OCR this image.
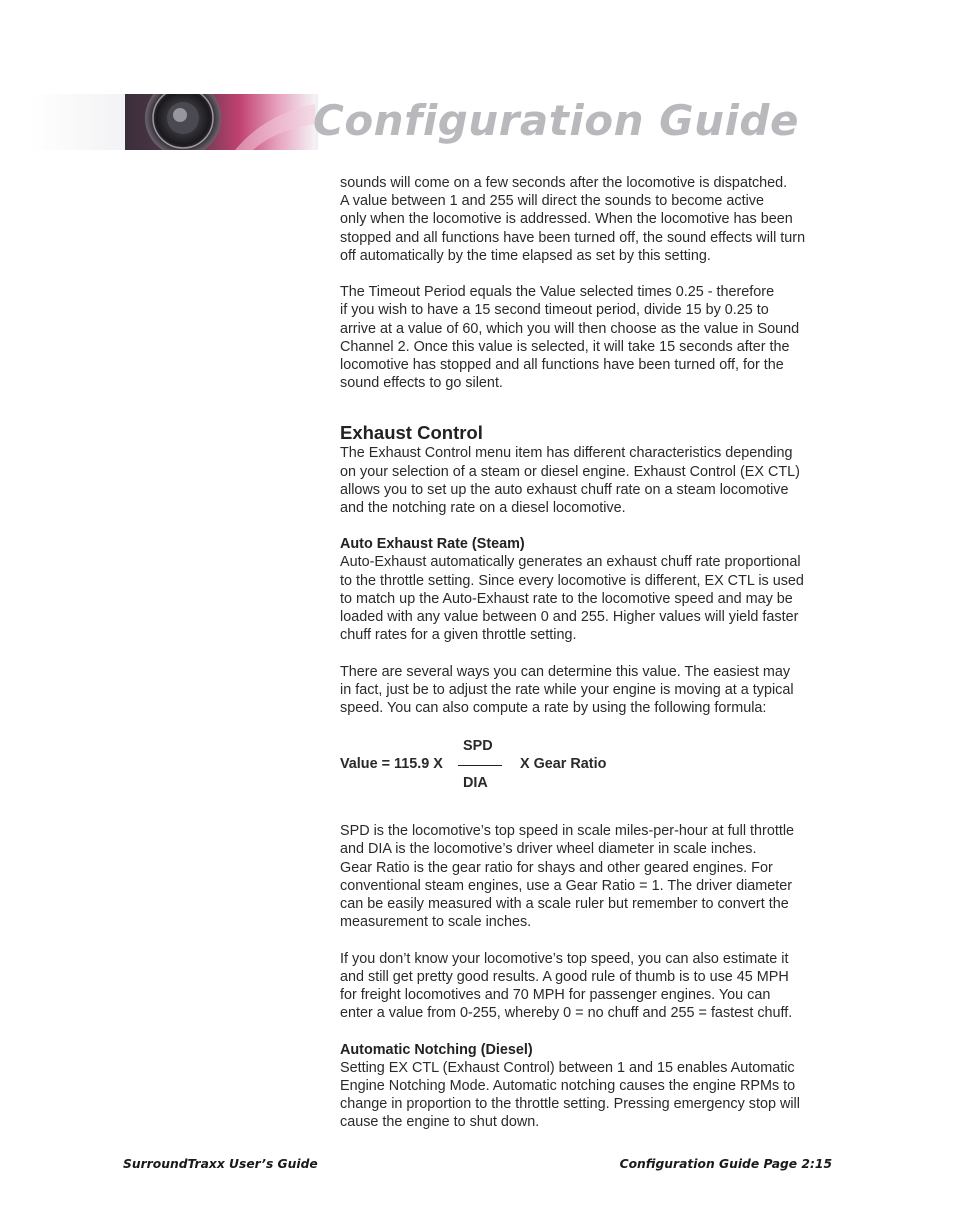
Configuration Guide

sounds will come on a few seconds after the locomotive is dispatched.
A value between 1 and 255 will direct the sounds to become active
only when the locomotive is addressed. When the locomotive has been
stopped and all functions have been turned off, the sound effects will turn
off automatically by the time elapsed as set by this setting.

The Timeout Period equals the Value selected times 0.25 - therefore
if you wish to have a 15 second timeout period, divide 15 by 0.25 to
arrive at a value of 60, which you will then choose as the value in Sound
Channel 2. Once this value is selected, it will take 15 seconds after the
locomotive has stopped and all functions have been turned off, for the
sound effects to go silent.

Exhaust Control

The Exhaust Control menu item has different characteristics depending
on your selection of a steam or diesel engine. Exhaust Control (EX CTL)
allows you to set up the auto exhaust chuff rate on a steam locomotive
and the notching rate on a diesel locomotive.

Auto Exhaust Rate (Steam)

Auto-Exhaust automatically generates an exhaust chuff rate proportional
to the throttle setting. Since every locomotive is different, EX CTL is used
to match up the Auto-Exhaust rate to the locomotive speed and may be
loaded with any value between 0 and 255. Higher values will yield faster
chuff rates for a given throttle setting.

There are several ways you can determine this value. The easiest may
in fact, just be to adjust the rate while your engine is moving at a typical
speed. You can also compute a rate by using the following formula:

SPD
Value = 115.9 X	X Gear Ratio
DIA

SPD is the locomotive’s top speed in scale miles-per-hour at full throttle
and DIA is the locomotive’s driver wheel diameter in scale inches.
Gear Ratio is the gear ratio for shays and other geared engines. For
conventional steam engines, use a Gear Ratio = 1. The driver diameter
can be easily measured with a scale ruler but remember to convert the
measurement to scale inches.

If you don’t know your locomotive’s top speed, you can also estimate it
and still get pretty good results. A good rule of thumb is to use 45 MPH
for freight locomotives and 70 MPH for passenger engines. You can
enter a value from 0-255, whereby 0 = no chuff and 255 = fastest chuff.

Automatic Notching (Diesel)

Setting EX CTL (Exhaust Control) between 1 and 15 enables Automatic
Engine Notching Mode. Automatic notching causes the engine RPMs to
change in proportion to the throttle setting. Pressing emergency stop will
cause the engine to shut down.

SurroundTraxx User’s Guide	Configuration Guide Page 2:15
